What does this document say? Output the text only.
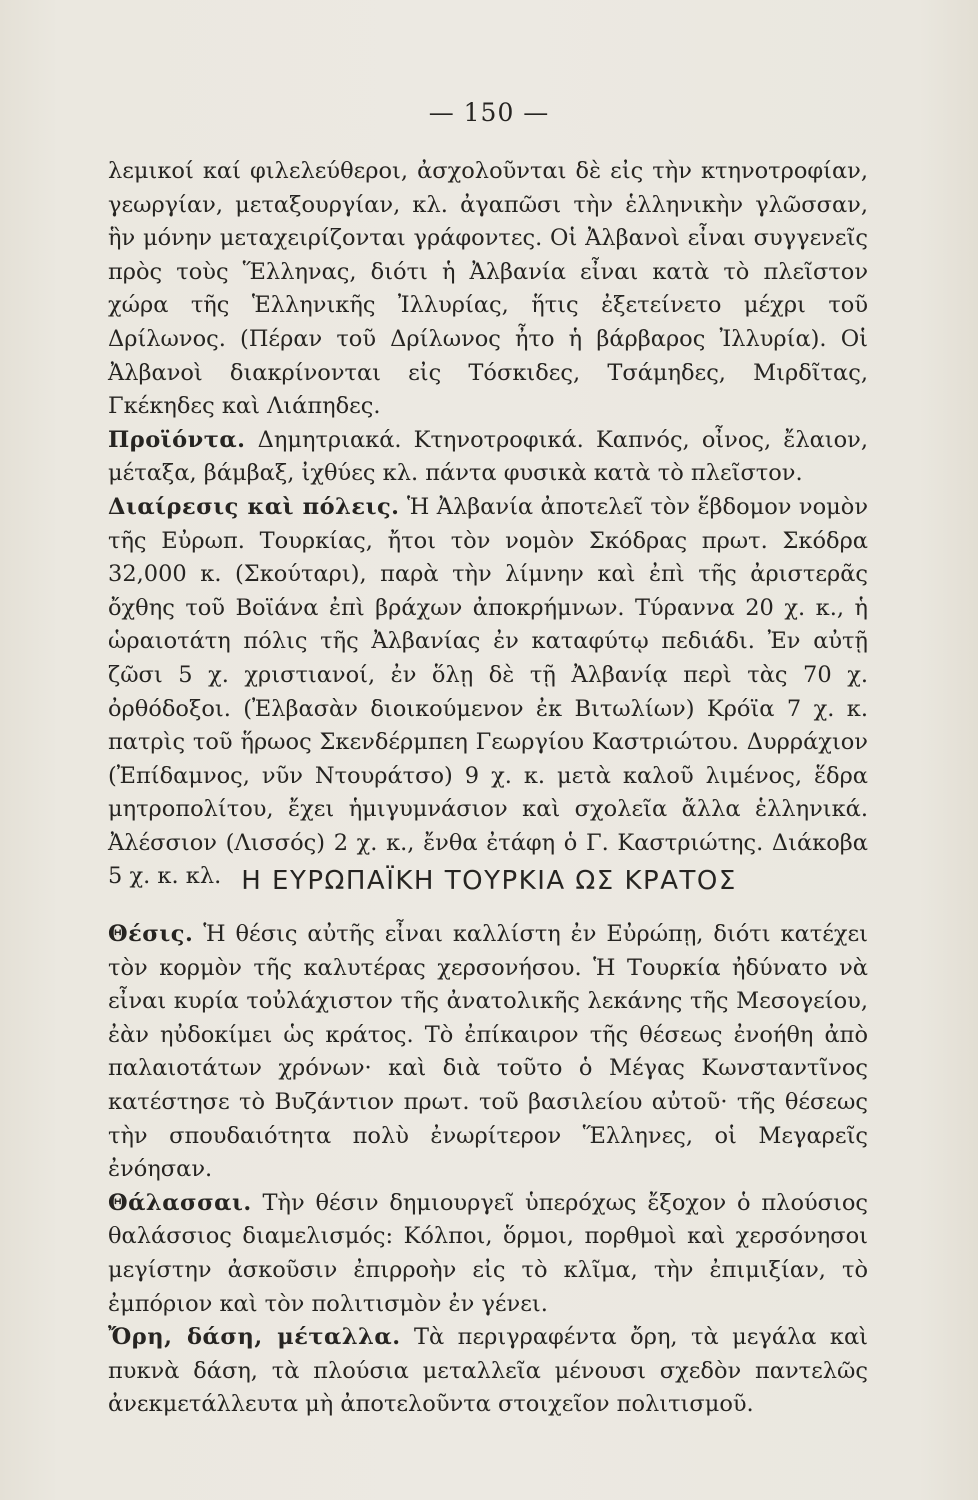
— 150 —

λεμικοί καί φιλελεύθεροι, ἀσχολοῦνται δὲ εἰς τὴν κτηνοτροφίαν, γεωργίαν, μεταξουργίαν, κλ. ἀγαπῶσι τὴν ἑλληνικὴν γλῶσσαν, ἣν μόνην μεταχειρίζονται γράφοντες. Οἱ Ἀλβανοὶ εἶναι συγγενεῖς πρὸς τοὺς Ἕλληνας, διότι ἡ Ἀλβανία εἶναι κατὰ τὸ πλεῖστον χώρα τῆς Ἑλληνικῆς Ἰλλυρίας, ἥτις ἐξετείνετο μέχρι τοῦ Δρίλωνος. (Πέραν τοῦ Δρίλωνος ἦτο ἡ βάρβαρος Ἰλλυρία). Οἱ Ἀλβανοὶ διακρίνονται εἰς Τόσκιδες, Τσάμηδες, Μιρδῖτας, Γκέκηδες καὶ Λιάπηδες.

Προϊόντα. Δημητριακά. Κτηνοτροφικά. Καπνός, οἶνος, ἔλαιον, μέταξα, βάμβαξ, ἰχθύες κλ. πάντα φυσικὰ κατὰ τὸ πλεῖστον.

Διαίρεσις καὶ πόλεις. Ἡ Ἀλβανία ἀποτελεῖ τὸν ἕβδομον νομὸν τῆς Εὐρωπ. Τουρκίας, ἤτοι τὸν νομὸν Σκόδρας πρωτ. Σκόδρα 32,000 κ. (Σκούταρι), παρὰ τὴν λίμνην καὶ ἐπὶ τῆς ἀριστερᾶς ὄχθης τοῦ Βοϊάνα ἐπὶ βράχων ἀποκρήμνων. Τύραννα 20 χ. κ., ἡ ὡραιοτάτη πόλις τῆς Ἀλβανίας ἐν καταφύτῳ πεδιάδι. Ἐν αὐτῇ ζῶσι 5 χ. χριστιανοί, ἐν ὅλῃ δὲ τῇ Ἀλβανίᾳ περὶ τὰς 70 χ. ὀρθόδοξοι. (Ἐλβασὰν διοικούμενον ἐκ Βιτωλίων) Κρόϊα 7 χ. κ. πατρὶς τοῦ ἥρωος Σκενδέρμπεη Γεωργίου Καστριώτου. Δυρράχιον (Ἐπίδαμνος, νῦν Ντουράτσο) 9 χ. κ. μετὰ καλοῦ λιμένος, ἕδρα μητροπολίτου, ἔχει ἡμιγυμνάσιον καὶ σχολεῖα ἄλλα ἑλληνικά. Ἀλέσσιον (Λισσός) 2 χ. κ., ἔνθα ἐτάφη ὁ Γ. Καστριώτης. Διάκοβα 5 χ. κ. κλ. Η ΕΥΡΩΠΑΪΚΗ ΤΟΥΡΚΙΑ ΩΣ ΚΡΑΤΟΣ

Θέσις. Ἡ θέσις αὐτῆς εἶναι καλλίστη ἐν Εὐρώπῃ, διότι κατέχει τὸν κορμὸν τῆς καλυτέρας χερσονήσου. Ἡ Τουρκία ἠδύνατο νὰ εἶναι κυρία τοὐλάχιστον τῆς ἀνατολικῆς λεκάνης τῆς Μεσογείου, ἐὰν ηὐδοκίμει ὡς κράτος. Τὸ ἐπίκαιρον τῆς θέσεως ἐνοήθη ἀπὸ παλαιοτάτων χρόνων· καὶ διὰ τοῦτο ὁ Μέγας Κωνσταντῖνος κατέστησε τὸ Βυζάντιον πρωτ. τοῦ βασιλείου αὐτοῦ· τῆς θέσεως τὴν σπουδαιότητα πολὺ ἐνωρίτερον Ἕλληνες, οἱ Μεγαρεῖς ἐνόησαν.

Θάλασσαι. Τὴν θέσιν δημιουργεῖ ὑπερόχως ἔξοχον ὁ πλούσιος θαλάσσιος διαμελισμός: Κόλποι, ὅρμοι, πορθμοὶ καὶ χερσόνησοι μεγίστην ἀσκοῦσιν ἐπιρροὴν εἰς τὸ κλῖμα, τὴν ἐπιμιξίαν, τὸ ἐμπόριον καὶ τὸν πολιτισμὸν ἐν γένει.

Ὄρη, δάση, μέταλλα. Τὰ περιγραφέντα ὄρη, τὰ μεγάλα καὶ πυκνὰ δάση, τὰ πλούσια μεταλλεῖα μένουσι σχεδὸν παντελῶς ἀνεκμετάλλευτα μὴ ἀποτελοῦντα στοιχεῖον πολιτισμοῦ.
